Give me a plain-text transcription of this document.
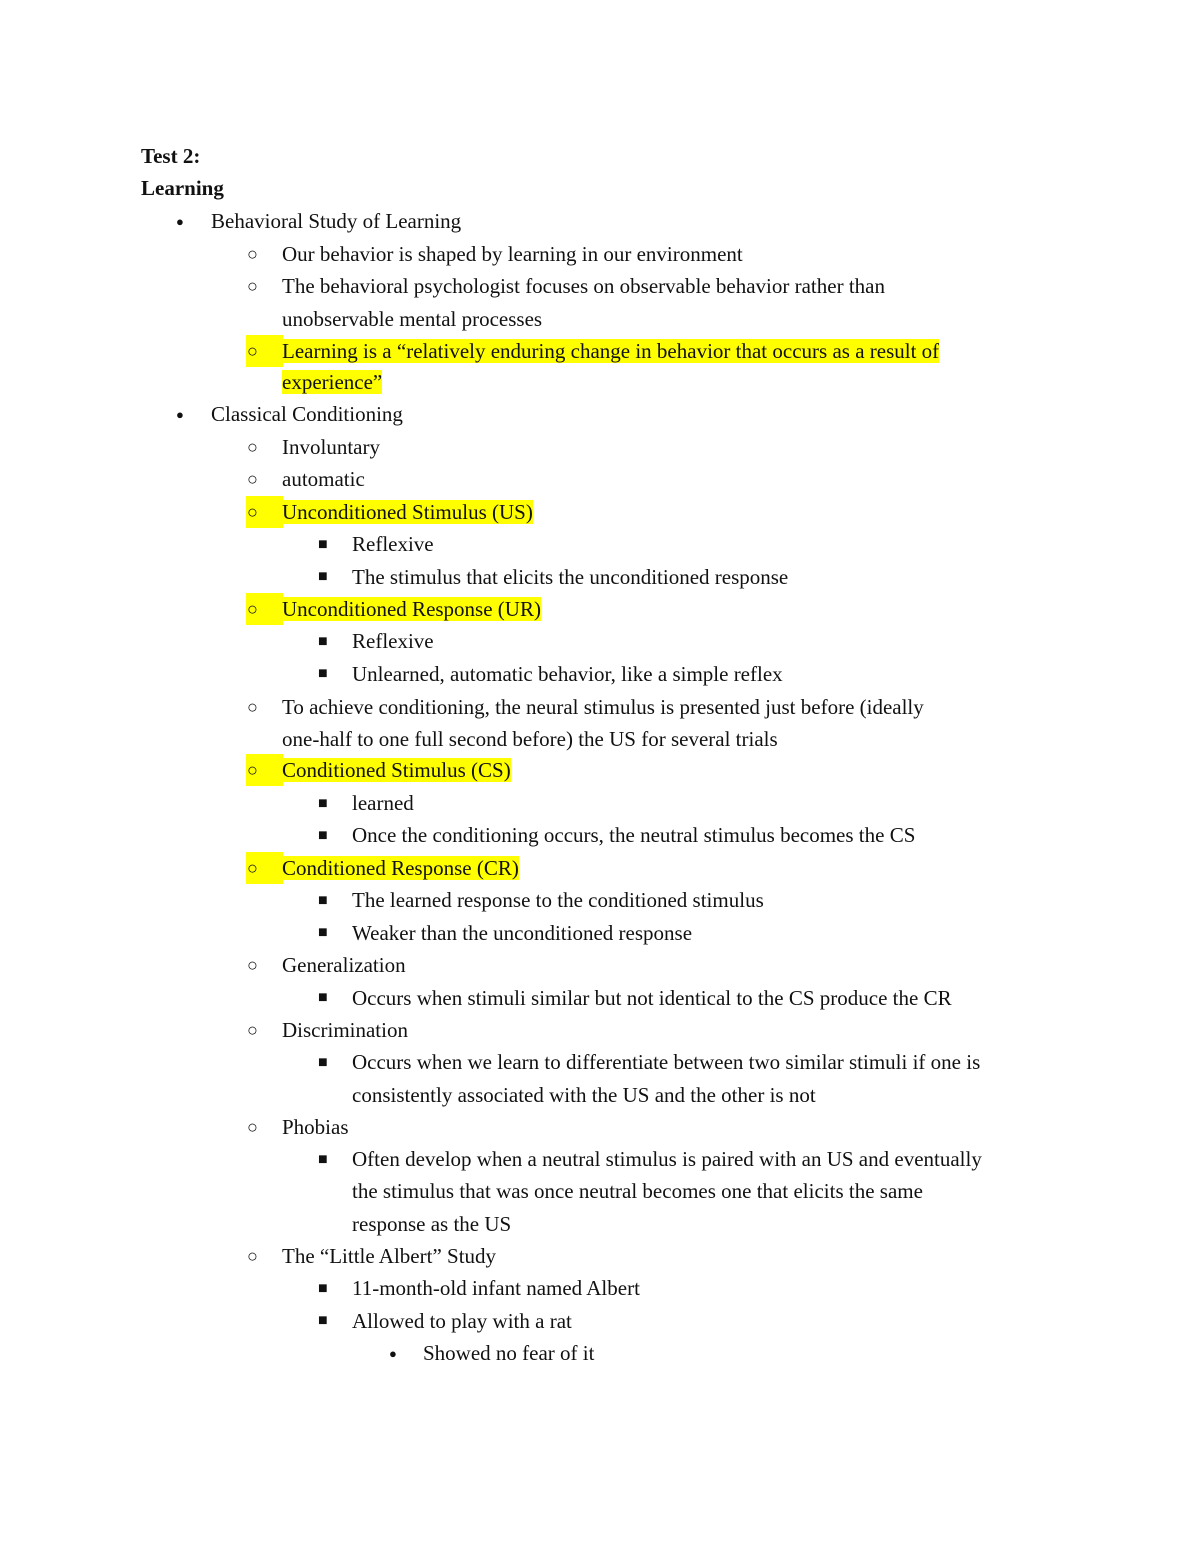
Test 2:
Learning
●	Behavioral Study of Learning
○	Our behavior is shaped by learning in our environment
○	The behavioral psychologist focuses on observable behavior rather than
unobservable mental processes
○	Learning is a “relatively enduring change in behavior that occurs as a result of
experience”
●	Classical Conditioning
○	Involuntary
○	automatic
○	Unconditioned Stimulus (US)
■	Reflexive
■	The stimulus that elicits the unconditioned response
○	Unconditioned Response (UR)
■	Reflexive
■	Unlearned, automatic behavior, like a simple reflex
○	To achieve conditioning, the neural stimulus is presented just before (ideally
one-half to one full second before) the US for several trials
○	Conditioned Stimulus (CS)
■	learned
■	Once the conditioning occurs, the neutral stimulus becomes the CS
○	Conditioned Response (CR)
■	The learned response to the conditioned stimulus
■	Weaker than the unconditioned response
○	Generalization
■	Occurs when stimuli similar but not identical to the CS produce the CR
○	Discrimination
■	Occurs when we learn to differentiate between two similar stimuli if one is
consistently associated with the US and the other is not
○	Phobias
■	Often develop when a neutral stimulus is paired with an US and eventually
the stimulus that was once neutral becomes one that elicits the same
response as the US
○	The “Little Albert” Study
■	11-month-old infant named Albert
■	Allowed to play with a rat
●	Showed no fear of it
